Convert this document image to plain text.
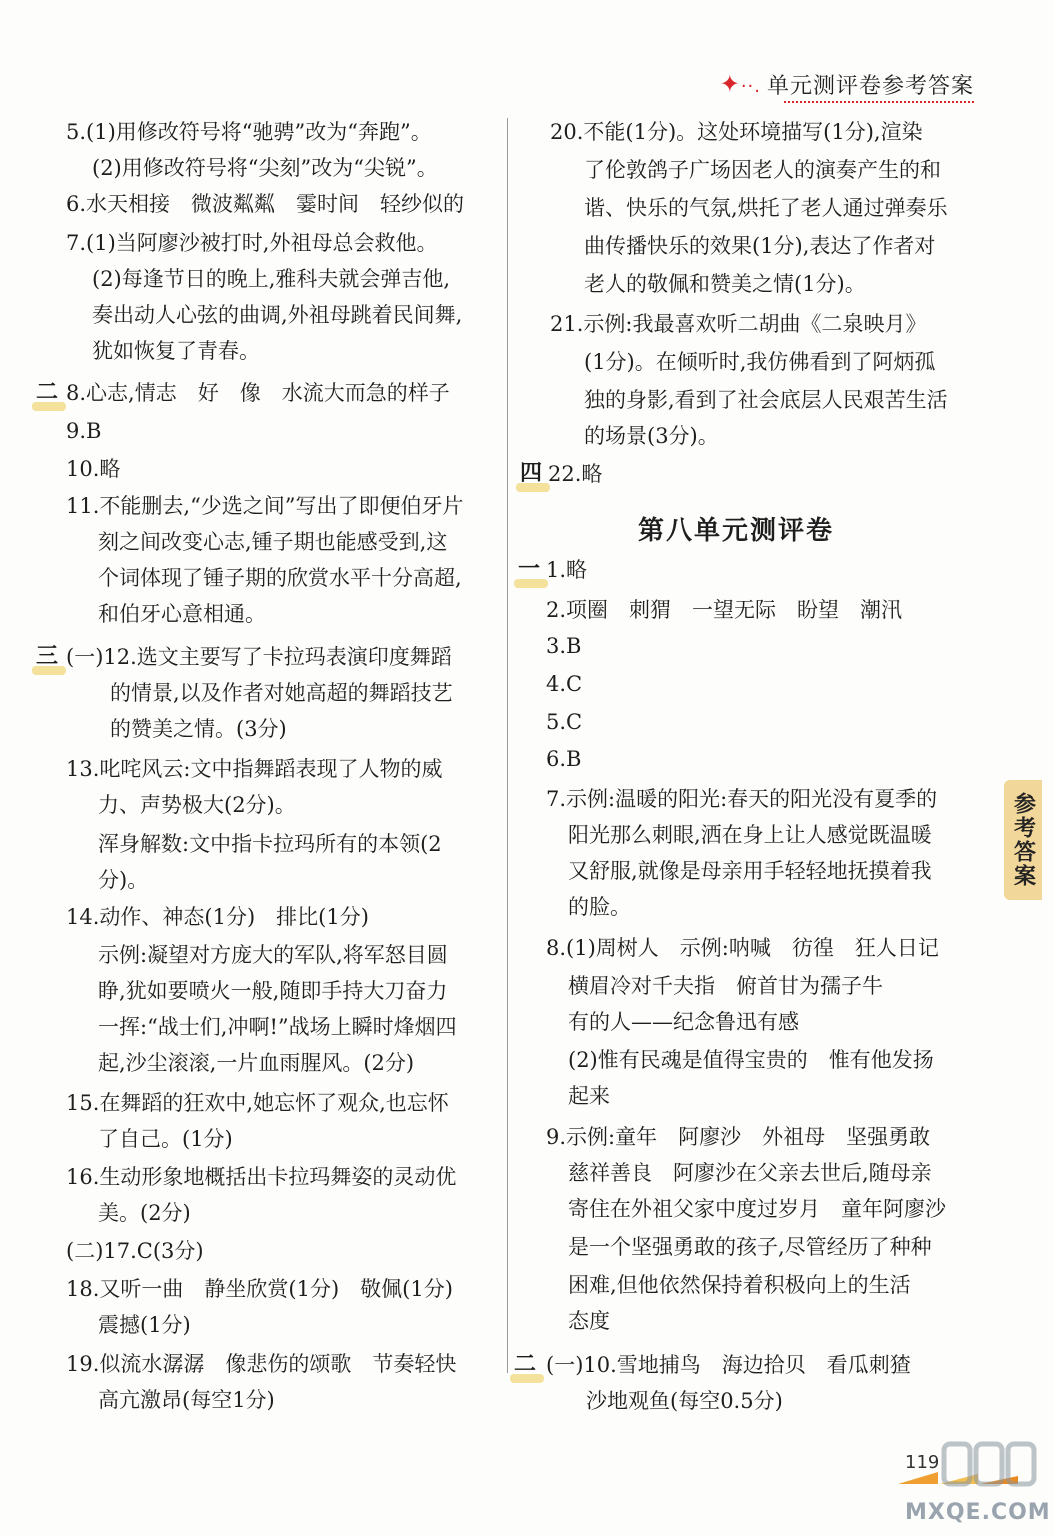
✦··. 单元测评卷参考答案
5.(1)用修改符号将“驰骋”改为“奔跑”。
(2)用修改符号将“尖刻”改为“尖锐”。
6.水天相接　微波粼粼　霎时间　轻纱似的
7.(1)当阿廖沙被打时,外祖母总会救他。
(2)每逢节日的晚上,雅科夫就会弹吉他,
奏出动人心弦的曲调,外祖母跳着民间舞,
犹如恢复了青春。
8.心志,情志　好　像　水流大而急的样子
9.B
10.略
11.不能删去,“少选之间”写出了即便伯牙片
刻之间改变心志,锺子期也能感受到,这
个词体现了锺子期的欣赏水平十分高超,
和伯牙心意相通。
(一)12.选文主要写了卡拉玛表演印度舞蹈
的情景,以及作者对她高超的舞蹈技艺
的赞美之情。(3分)
13.叱咤风云:文中指舞蹈表现了人物的威
力、声势极大(2分)。
浑身解数:文中指卡拉玛所有的本领(2
分)。
14.动作、神态(1分)　排比(1分)
示例:凝望对方庞大的军队,将军怒目圆
睁,犹如要喷火一般,随即手持大刀奋力
一挥:“战士们,冲啊!”战场上瞬时烽烟四
起,沙尘滚滚,一片血雨腥风。(2分)
15.在舞蹈的狂欢中,她忘怀了观众,也忘怀
了自己。(1分)
16.生动形象地概括出卡拉玛舞姿的灵动优
美。(2分)
(二)17.C(3分)
18.又听一曲　静坐欣赏(1分)　敬佩(1分)
震撼(1分)
19.似流水潺潺　像悲伤的颂歌　节奏轻快
高亢激昂(每空1分)
二
三
20.不能(1分)。这处环境描写(1分),渲染
了伦敦鸽子广场因老人的演奏产生的和
谐、快乐的气氛,烘托了老人通过弹奏乐
曲传播快乐的效果(1分),表达了作者对
老人的敬佩和赞美之情(1分)。
21.示例:我最喜欢听二胡曲《二泉映月》
(1分)。在倾听时,我仿佛看到了阿炳孤
独的身影,看到了社会底层人民艰苦生活
的场景(3分)。
22.略
1.略
2.项圈　刺猬　一望无际　盼望　潮汛
3.B
4.C
5.C
6.B
7.示例:温暖的阳光:春天的阳光没有夏季的
阳光那么刺眼,洒在身上让人感觉既温暖
又舒服,就像是母亲用手轻轻地抚摸着我
的脸。
8.(1)周树人　示例:呐喊　彷徨　狂人日记
横眉冷对千夫指　俯首甘为孺子牛
有的人——纪念鲁迅有感
(2)惟有民魂是值得宝贵的　惟有他发扬
起来
9.示例:童年　阿廖沙　外祖母　坚强勇敢
慈祥善良　阿廖沙在父亲去世后,随母亲
寄住在外祖父家中度过岁月　童年阿廖沙
是一个坚强勇敢的孩子,尽管经历了种种
困难,但他依然保持着积极向上的生活
态度
(一)10.雪地捕鸟　海边拾贝　看瓜刺猹
沙地观鱼(每空0.5分)
四
一
二
第八单元测评卷
参考答案
119
MXQE.COM
